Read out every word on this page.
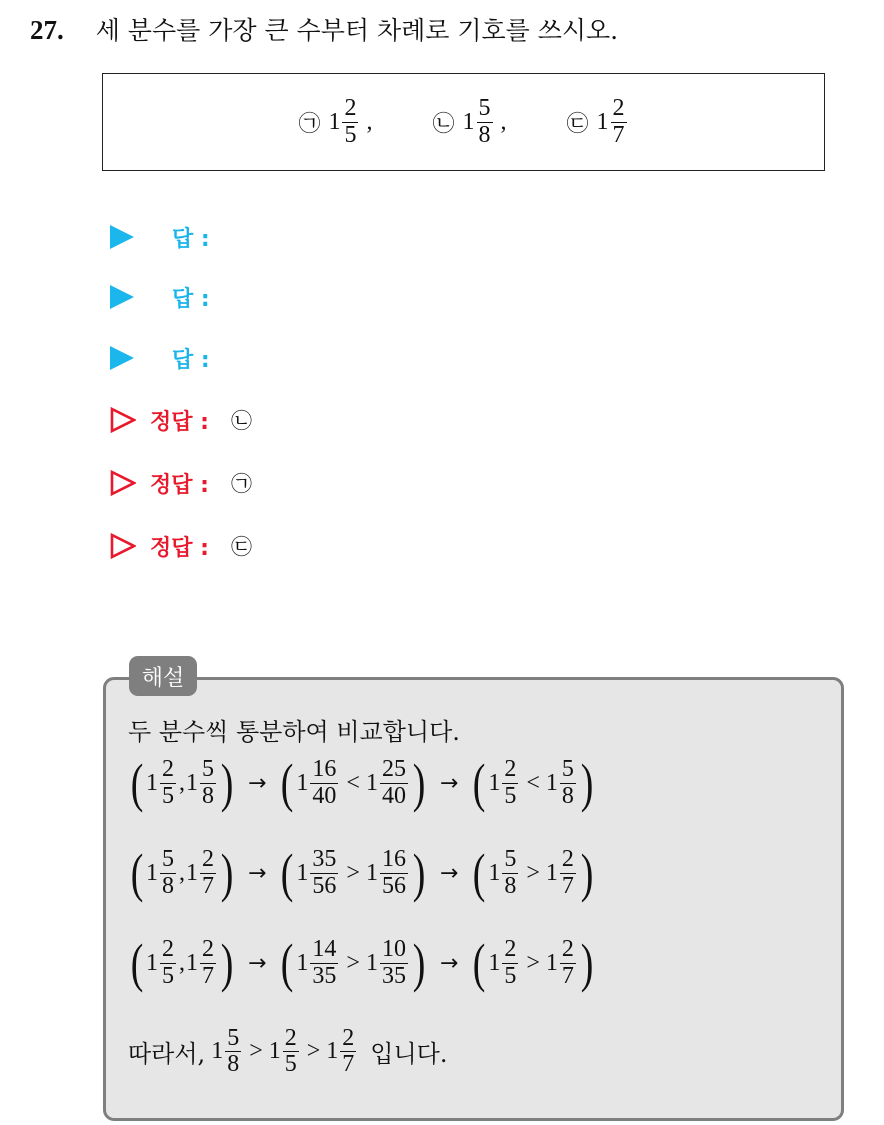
27. 세 분수를 가장 큰 수부터 차례로 기호를 쓰시오.
㉠ $1 \frac{2}{5}$ ,	㉡ $1 \frac{5}{8}$ ,	㉢ $1 \frac{2}{7}$
답 :
답 :
답 :
정답 : ㉡
정답 : ㉠
정답 : ㉢
해설
두 분수씩 통분하여 비교합니다.
( $1 \frac{2}{5}$ , $1 \frac{5}{8}$ ) → ( $1 \frac{16}{40} < 1 \frac{25}{40}$ ) → ( $1 \frac{2}{5} < 1 \frac{5}{8}$ )
( $1 \frac{5}{8}$ , $1 \frac{2}{7}$ ) → ( $1 \frac{35}{56} > 1 \frac{16}{56}$ ) → ( $1 \frac{5}{8} > 1 \frac{2}{7}$ )
( $1 \frac{2}{5}$ , $1 \frac{2}{7}$ ) → ( $1 \frac{14}{35} > 1 \frac{10}{35}$ ) → ( $1 \frac{2}{5} > 1 \frac{2}{7}$ )
따라서, $1 \frac{5}{8} > 1 \frac{2}{5} > 1 \frac{2}{7}$ 입니다.
